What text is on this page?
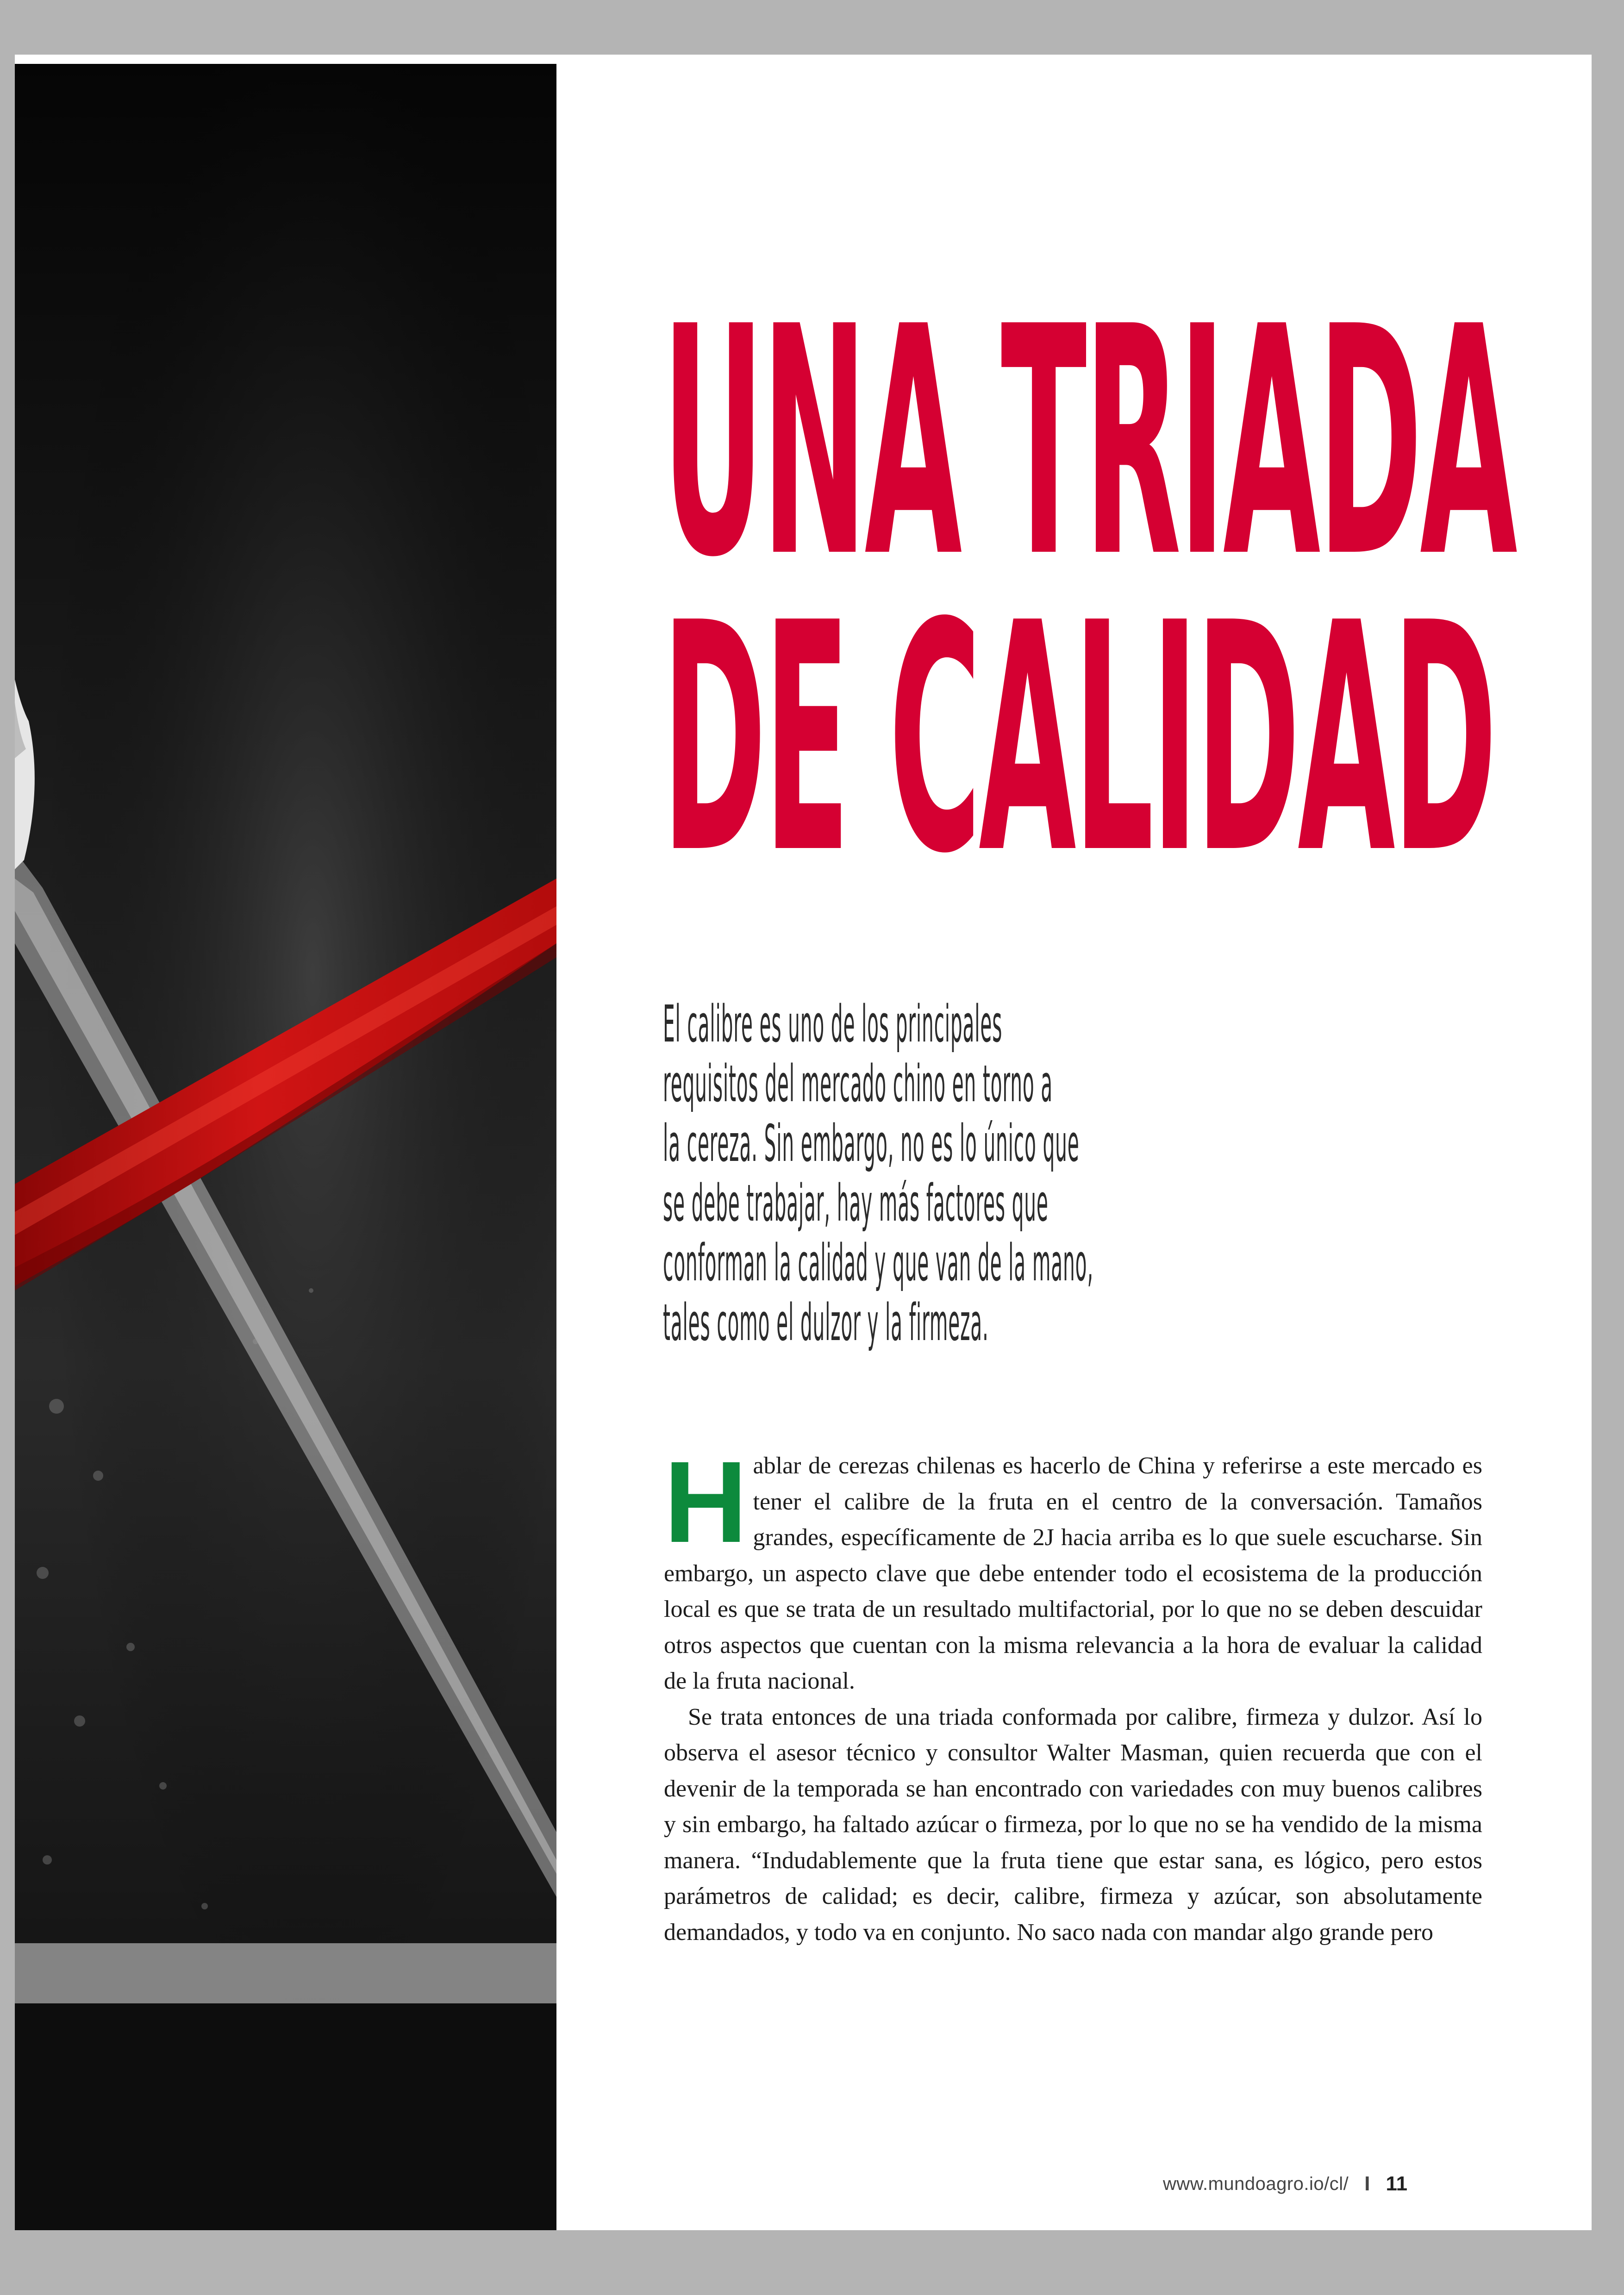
UNA TRIADA
DE CALIDAD
El calibre es uno de los principales
requisitos del mercado chino en torno a
la cereza. Sin embargo, no es lo único que
se debe trabajar, hay más factores que
conforman la calidad y que van de la mano,
tales como el dulzor y la firmeza.

Hablar de cerezas chilenas es hacerlo de China y referirse a este mercado es tener el calibre de la fruta en el centro de la conversación. Tamaños grandes, específicamente de 2J hacia arriba es lo que suele escucharse. Sin embargo, un aspecto clave que debe entender todo el ecosistema de la producción local es que se trata de un resultado multifactorial, por lo que no se deben descuidar otros aspectos que cuentan con la misma relevancia a la hora de evaluar la calidad de la fruta nacional.

Se trata entonces de una triada conformada por calibre, firmeza y dulzor. Así lo observa el asesor técnico y consultor Walter Masman, quien recuerda que con el devenir de la temporada se han encontrado con variedades con muy buenos calibres y sin embargo, ha faltado azúcar o firmeza, por lo que no se ha vendido de la misma manera. “Indudablemente que la fruta tiene que estar sana, es lógico, pero estos parámetros de calidad; es decir, calibre, firmeza y azúcar, son absolutamente demandados, y todo va en conjunto. No saco nada con mandar algo grande pero

www.mundoagro.io/cl/ I 11
